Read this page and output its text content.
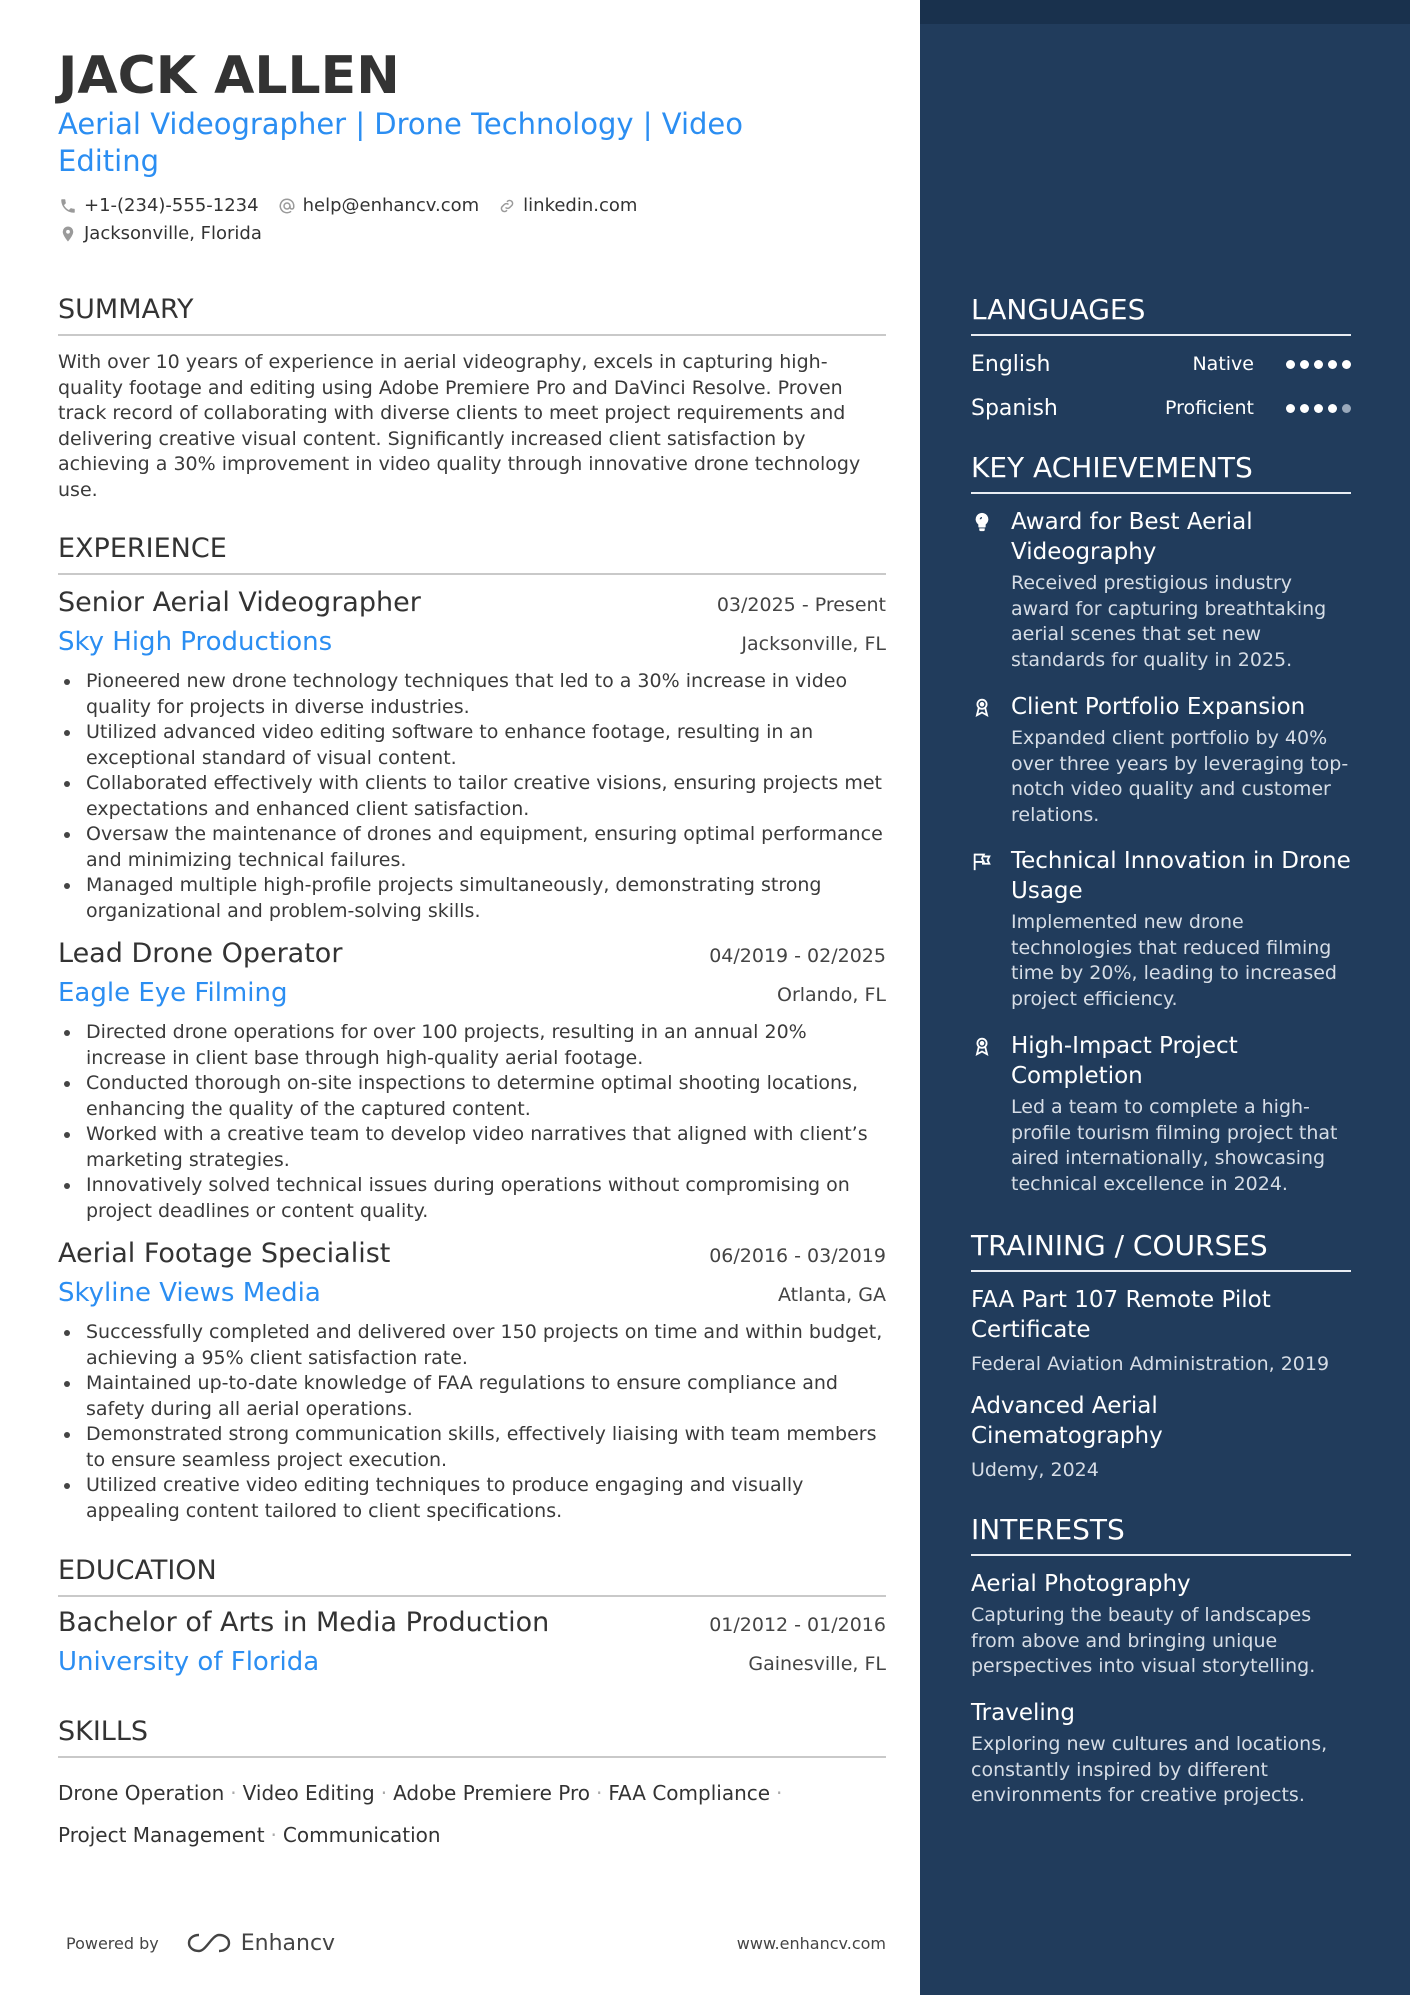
JACK ALLEN
Aerial Videographer | Drone Technology | Video Editing
+1-(234)-555-1234 help@enhancv.com linkedin.com
Jacksonville, Florida
SUMMARY
With over 10 years of experience in aerial videography, excels in capturing high-quality footage and editing using Adobe Premiere Pro and DaVinci Resolve. Proven track record of collaborating with diverse clients to meet project requirements and delivering creative visual content. Significantly increased client satisfaction by achieving a 30% improvement in video quality through innovative drone technology use.
EXPERIENCE
Senior Aerial Videographer	03/2025 - Present
Sky High Productions	Jacksonville, FL
Pioneered new drone technology techniques that led to a 30% increase in video quality for projects in diverse industries.
Utilized advanced video editing software to enhance footage, resulting in an exceptional standard of visual content.
Collaborated effectively with clients to tailor creative visions, ensuring projects met expectations and enhanced client satisfaction.
Oversaw the maintenance of drones and equipment, ensuring optimal performance and minimizing technical failures.
Managed multiple high-profile projects simultaneously, demonstrating strong organizational and problem-solving skills.
Lead Drone Operator	04/2019 - 02/2025
Eagle Eye Filming	Orlando, FL
Directed drone operations for over 100 projects, resulting in an annual 20% increase in client base through high-quality aerial footage.
Conducted thorough on-site inspections to determine optimal shooting locations, enhancing the quality of the captured content.
Worked with a creative team to develop video narratives that aligned with client’s marketing strategies.
Innovatively solved technical issues during operations without compromising on project deadlines or content quality.
Aerial Footage Specialist	06/2016 - 03/2019
Skyline Views Media	Atlanta, GA
Successfully completed and delivered over 150 projects on time and within budget, achieving a 95% client satisfaction rate.
Maintained up-to-date knowledge of FAA regulations to ensure compliance and safety during all aerial operations.
Demonstrated strong communication skills, effectively liaising with team members to ensure seamless project execution.
Utilized creative video editing techniques to produce engaging and visually appealing content tailored to client specifications.
EDUCATION
Bachelor of Arts in Media Production	01/2012 - 01/2016
University of Florida	Gainesville, FL
SKILLS
Drone Operation · Video Editing · Adobe Premiere Pro · FAA Compliance ·
Project Management · Communication
Powered by	Enhancv	www.enhancv.com
LANGUAGES
English	Native
Spanish	Proficient
KEY ACHIEVEMENTS
Award for Best Aerial Videography
Received prestigious industry award for capturing breathtaking aerial scenes that set new standards for quality in 2025.
Client Portfolio Expansion
Expanded client portfolio by 40% over three years by leveraging top-notch video quality and customer relations.
Technical Innovation in Drone Usage
Implemented new drone technologies that reduced filming time by 20%, leading to increased project efficiency.
High-Impact Project Completion
Led a team to complete a high-profile tourism filming project that aired internationally, showcasing technical excellence in 2024.
TRAINING / COURSES
FAA Part 107 Remote Pilot Certificate
Federal Aviation Administration, 2019
Advanced Aerial Cinematography
Udemy, 2024
INTERESTS
Aerial Photography
Capturing the beauty of landscapes from above and bringing unique perspectives into visual storytelling.
Traveling
Exploring new cultures and locations, constantly inspired by different environments for creative projects.
